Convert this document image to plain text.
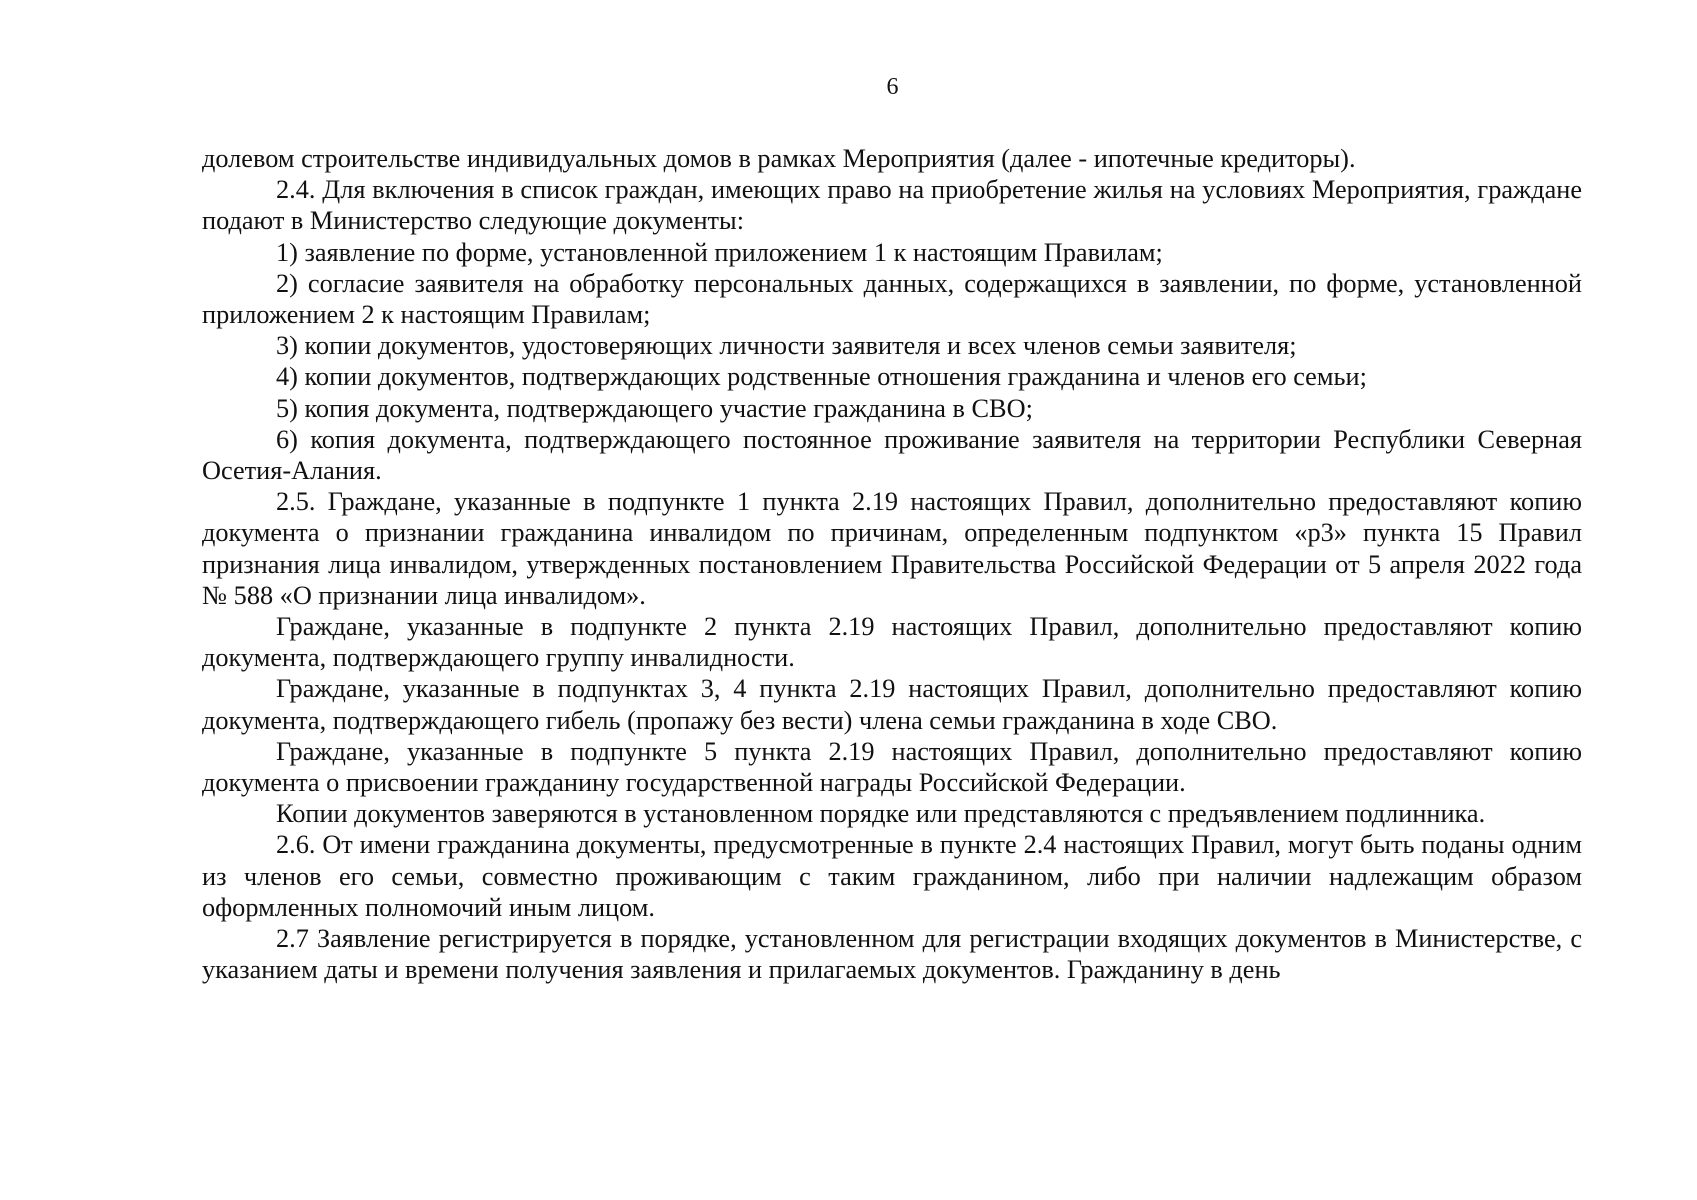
6

долевом строительстве индивидуальных домов в рамках Мероприятия (далее - ипотечные кредиторы).

2.4. Для включения в список граждан, имеющих право на приобретение жилья на условиях Мероприятия, граждане подают в Министерство следующие документы:

1) заявление по форме, установленной приложением 1 к настоящим Правилам;

2) согласие заявителя на обработку персональных данных, содержащихся в заявлении, по форме, установленной приложением 2 к настоящим Правилам;

3) копии документов, удостоверяющих личности заявителя и всех членов семьи заявителя;

4) копии документов, подтверждающих родственные отношения гражданина и членов его семьи;

5) копия документа, подтверждающего участие гражданина в СВО;

6) копия документа, подтверждающего постоянное проживание заявителя на территории Республики Северная Осетия-Алания.

2.5. Граждане, указанные в подпункте 1 пункта 2.19 настоящих Правил, дополнительно предоставляют копию документа о признании гражданина инвалидом по причинам, определенным подпунктом «р3» пункта 15 Правил признания лица инвалидом, утвержденных постановлением Правительства Российской Федерации от 5 апреля 2022 года № 588 «О признании лица инвалидом».

Граждане, указанные в подпункте 2 пункта 2.19 настоящих Правил, дополнительно предоставляют копию документа, подтверждающего группу инвалидности.

Граждане, указанные в подпунктах 3, 4 пункта 2.19 настоящих Правил, дополнительно предоставляют копию документа, подтверждающего гибель (пропажу без вести) члена семьи гражданина в ходе СВО.

Граждане, указанные в подпункте 5 пункта 2.19 настоящих Правил, дополнительно предоставляют копию документа о присвоении гражданину государственной награды Российской Федерации.

Копии документов заверяются в установленном порядке или представляются с предъявлением подлинника.

2.6. От имени гражданина документы, предусмотренные в пункте 2.4 настоящих Правил, могут быть поданы одним из членов его семьи, совместно проживающим с таким гражданином, либо при наличии надлежащим образом оформленных полномочий иным лицом.

2.7 Заявление регистрируется в порядке, установленном для регистрации входящих документов в Министерстве, с указанием даты и времени получения заявления и прилагаемых документов. Гражданину в день
